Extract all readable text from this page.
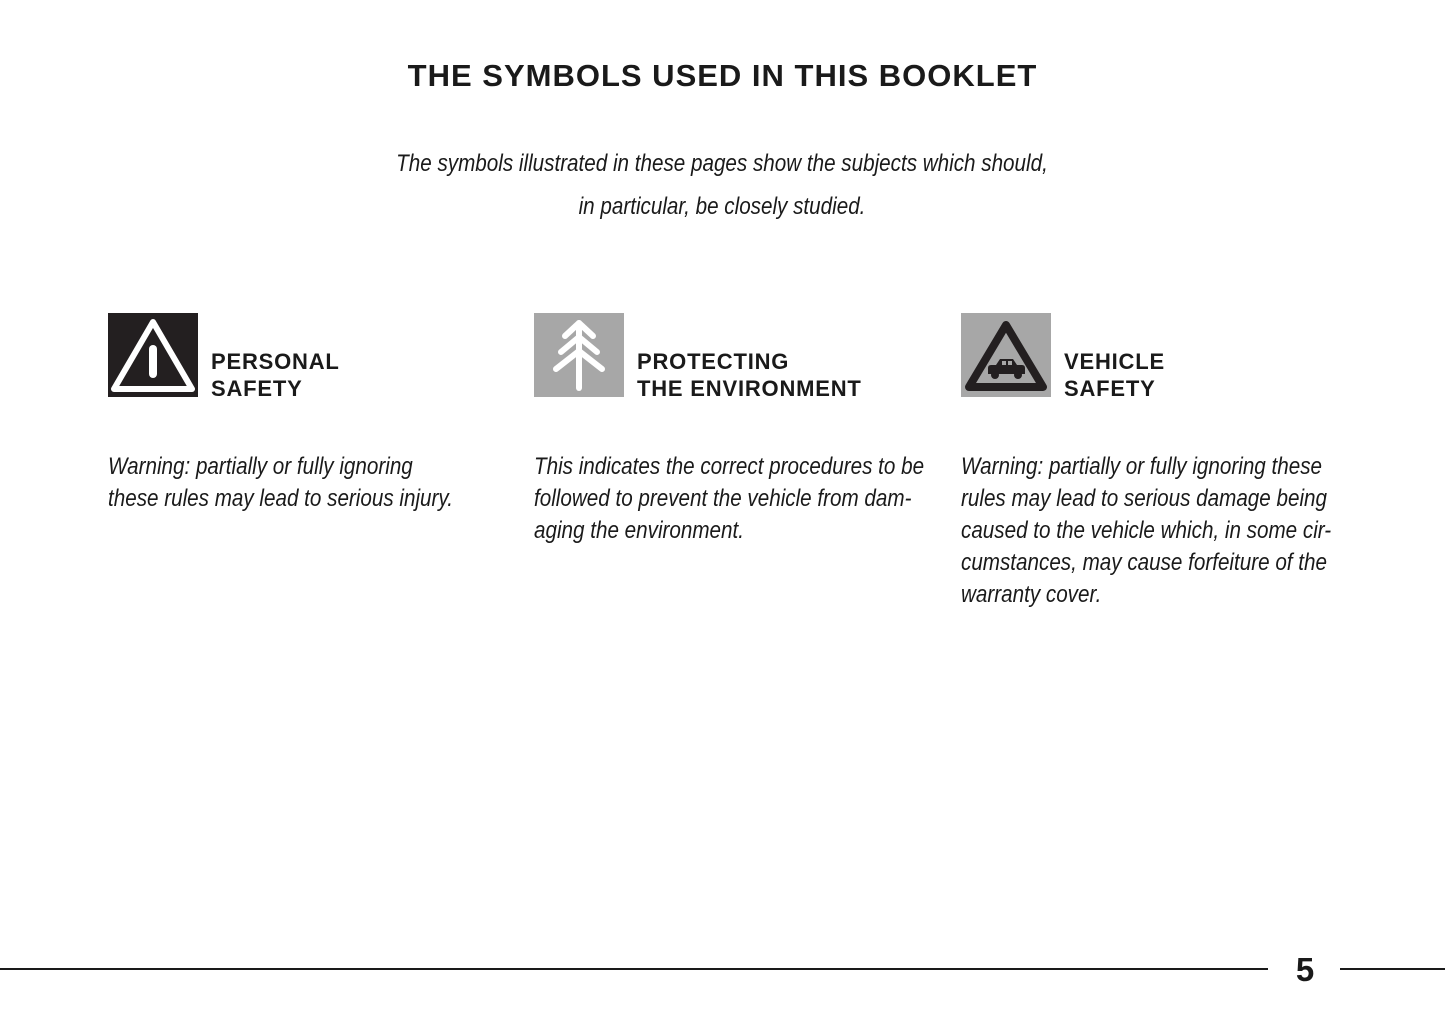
THE SYMBOLS USED IN THIS BOOKLET
The symbols illustrated in these pages show the subjects which should,
in particular, be closely studied.
PERSONAL
SAFETY
Warning: partially or fully ignoring
these rules may lead to serious injury.
PROTECTING
THE ENVIRONMENT
This indicates the correct procedures to be
followed to prevent the vehicle from dam-
aging the environment.
VEHICLE
SAFETY
Warning: partially or fully ignoring these
rules may lead to serious damage being
caused to the vehicle which, in some cir-
cumstances, may cause forfeiture of the
warranty cover.
5
